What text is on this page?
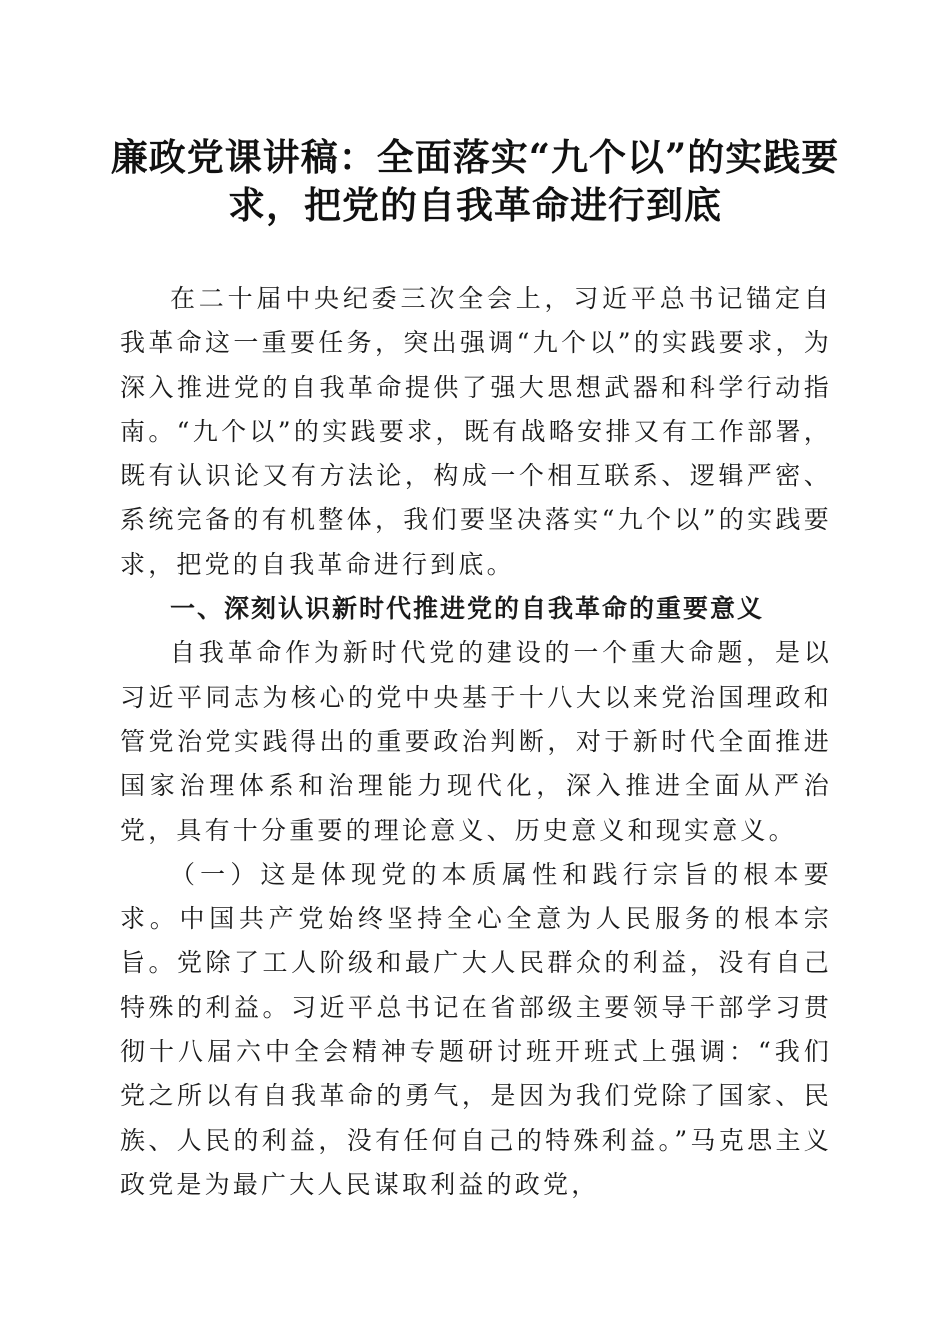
廉政党课讲稿：全面落实“九个以”的实践要求，把党的自我革命进行到底

在二十届中央纪委三次全会上，习近平总书记锚定自我革命这一重要任务，突出强调“九个以”的实践要求，为深入推进党的自我革命提供了强大思想武器和科学行动指南。“九个以”的实践要求，既有战略安排又有工作部署，既有认识论又有方法论，构成一个相互联系、逻辑严密、系统完备的有机整体，我们要坚决落实“九个以”的实践要求，把党的自我革命进行到底。

一、深刻认识新时代推进党的自我革命的重要意义

自我革命作为新时代党的建设的一个重大命题，是以习近平同志为核心的党中央基于十八大以来党治国理政和管党治党实践得出的重要政治判断，对于新时代全面推进国家治理体系和治理能力现代化，深入推进全面从严治党，具有十分重要的理论意义、历史意义和现实意义。

（一）这是体现党的本质属性和践行宗旨的根本要求。中国共产党始终坚持全心全意为人民服务的根本宗旨。党除了工人阶级和最广大人民群众的利益，没有自己特殊的利益。习近平总书记在省部级主要领导干部学习贯彻十八届六中全会精神专题研讨班开班式上强调：“我们党之所以有自我革命的勇气，是因为我们党除了国家、民族、人民的利益，没有任何自己的特殊利益。”马克思主义政党是为最广大人民谋取利益的政党，
